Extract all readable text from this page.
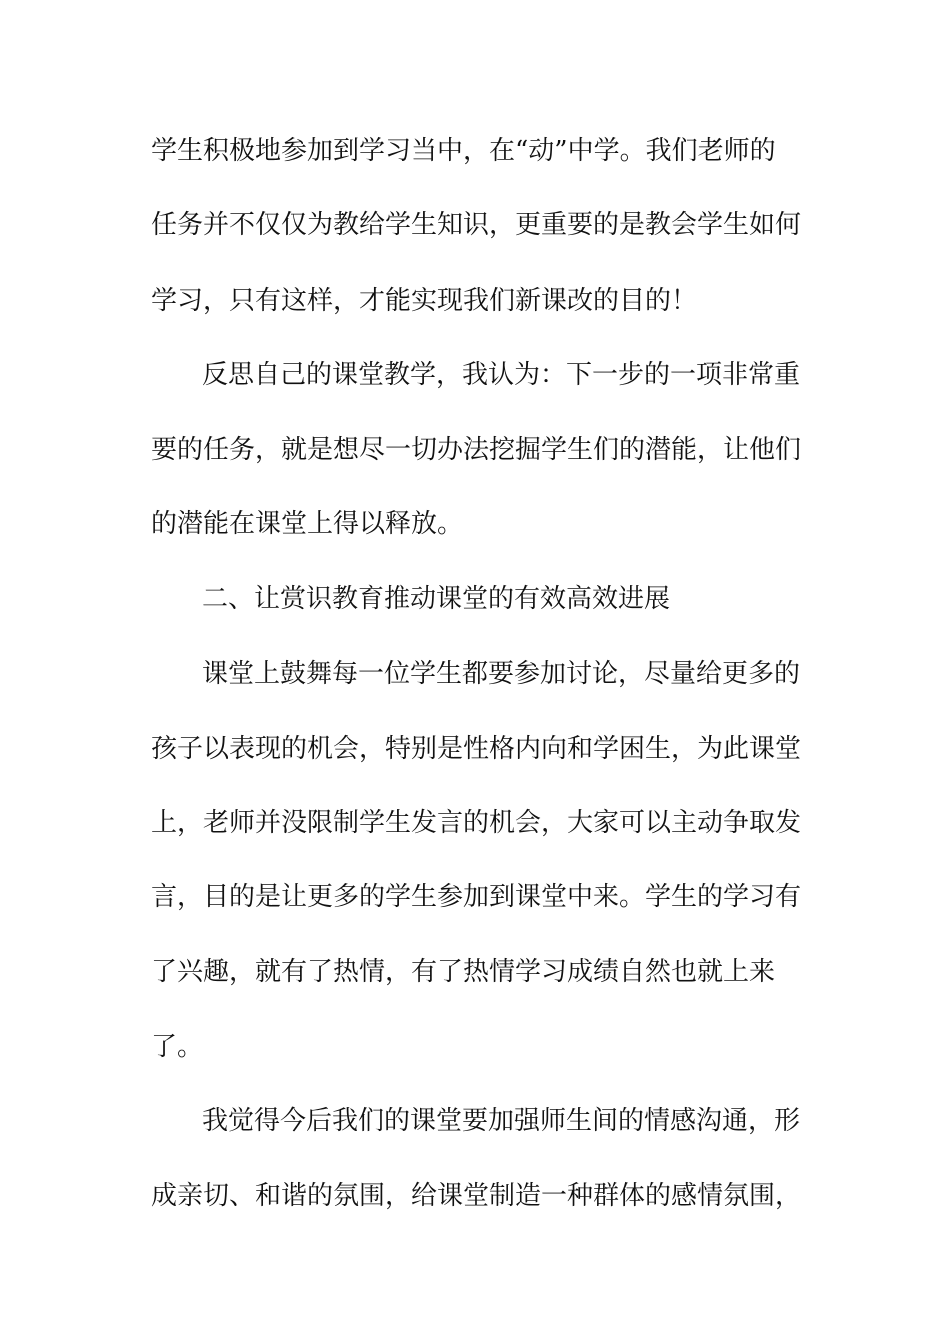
学生积极地参加到学习当中，在“动”中学。我们老师的
任务并不仅仅为教给学生知识，更重要的是教会学生如何
学习，只有这样，才能实现我们新课改的目的！
反思自己的课堂教学，我认为：下一步的一项非常重
要的任务，就是想尽一切办法挖掘学生们的潜能，让他们
的潜能在课堂上得以释放。
二、让赏识教育推动课堂的有效高效进展
课堂上鼓舞每一位学生都要参加讨论，尽量给更多的
孩子以表现的机会，特别是性格内向和学困生，为此课堂
上，老师并没限制学生发言的机会，大家可以主动争取发
言，目的是让更多的学生参加到课堂中来。学生的学习有
了兴趣，就有了热情，有了热情学习成绩自然也就上来
了。
我觉得今后我们的课堂要加强师生间的情感沟通，形
成亲切、和谐的氛围，给课堂制造一种群体的感情氛围，
